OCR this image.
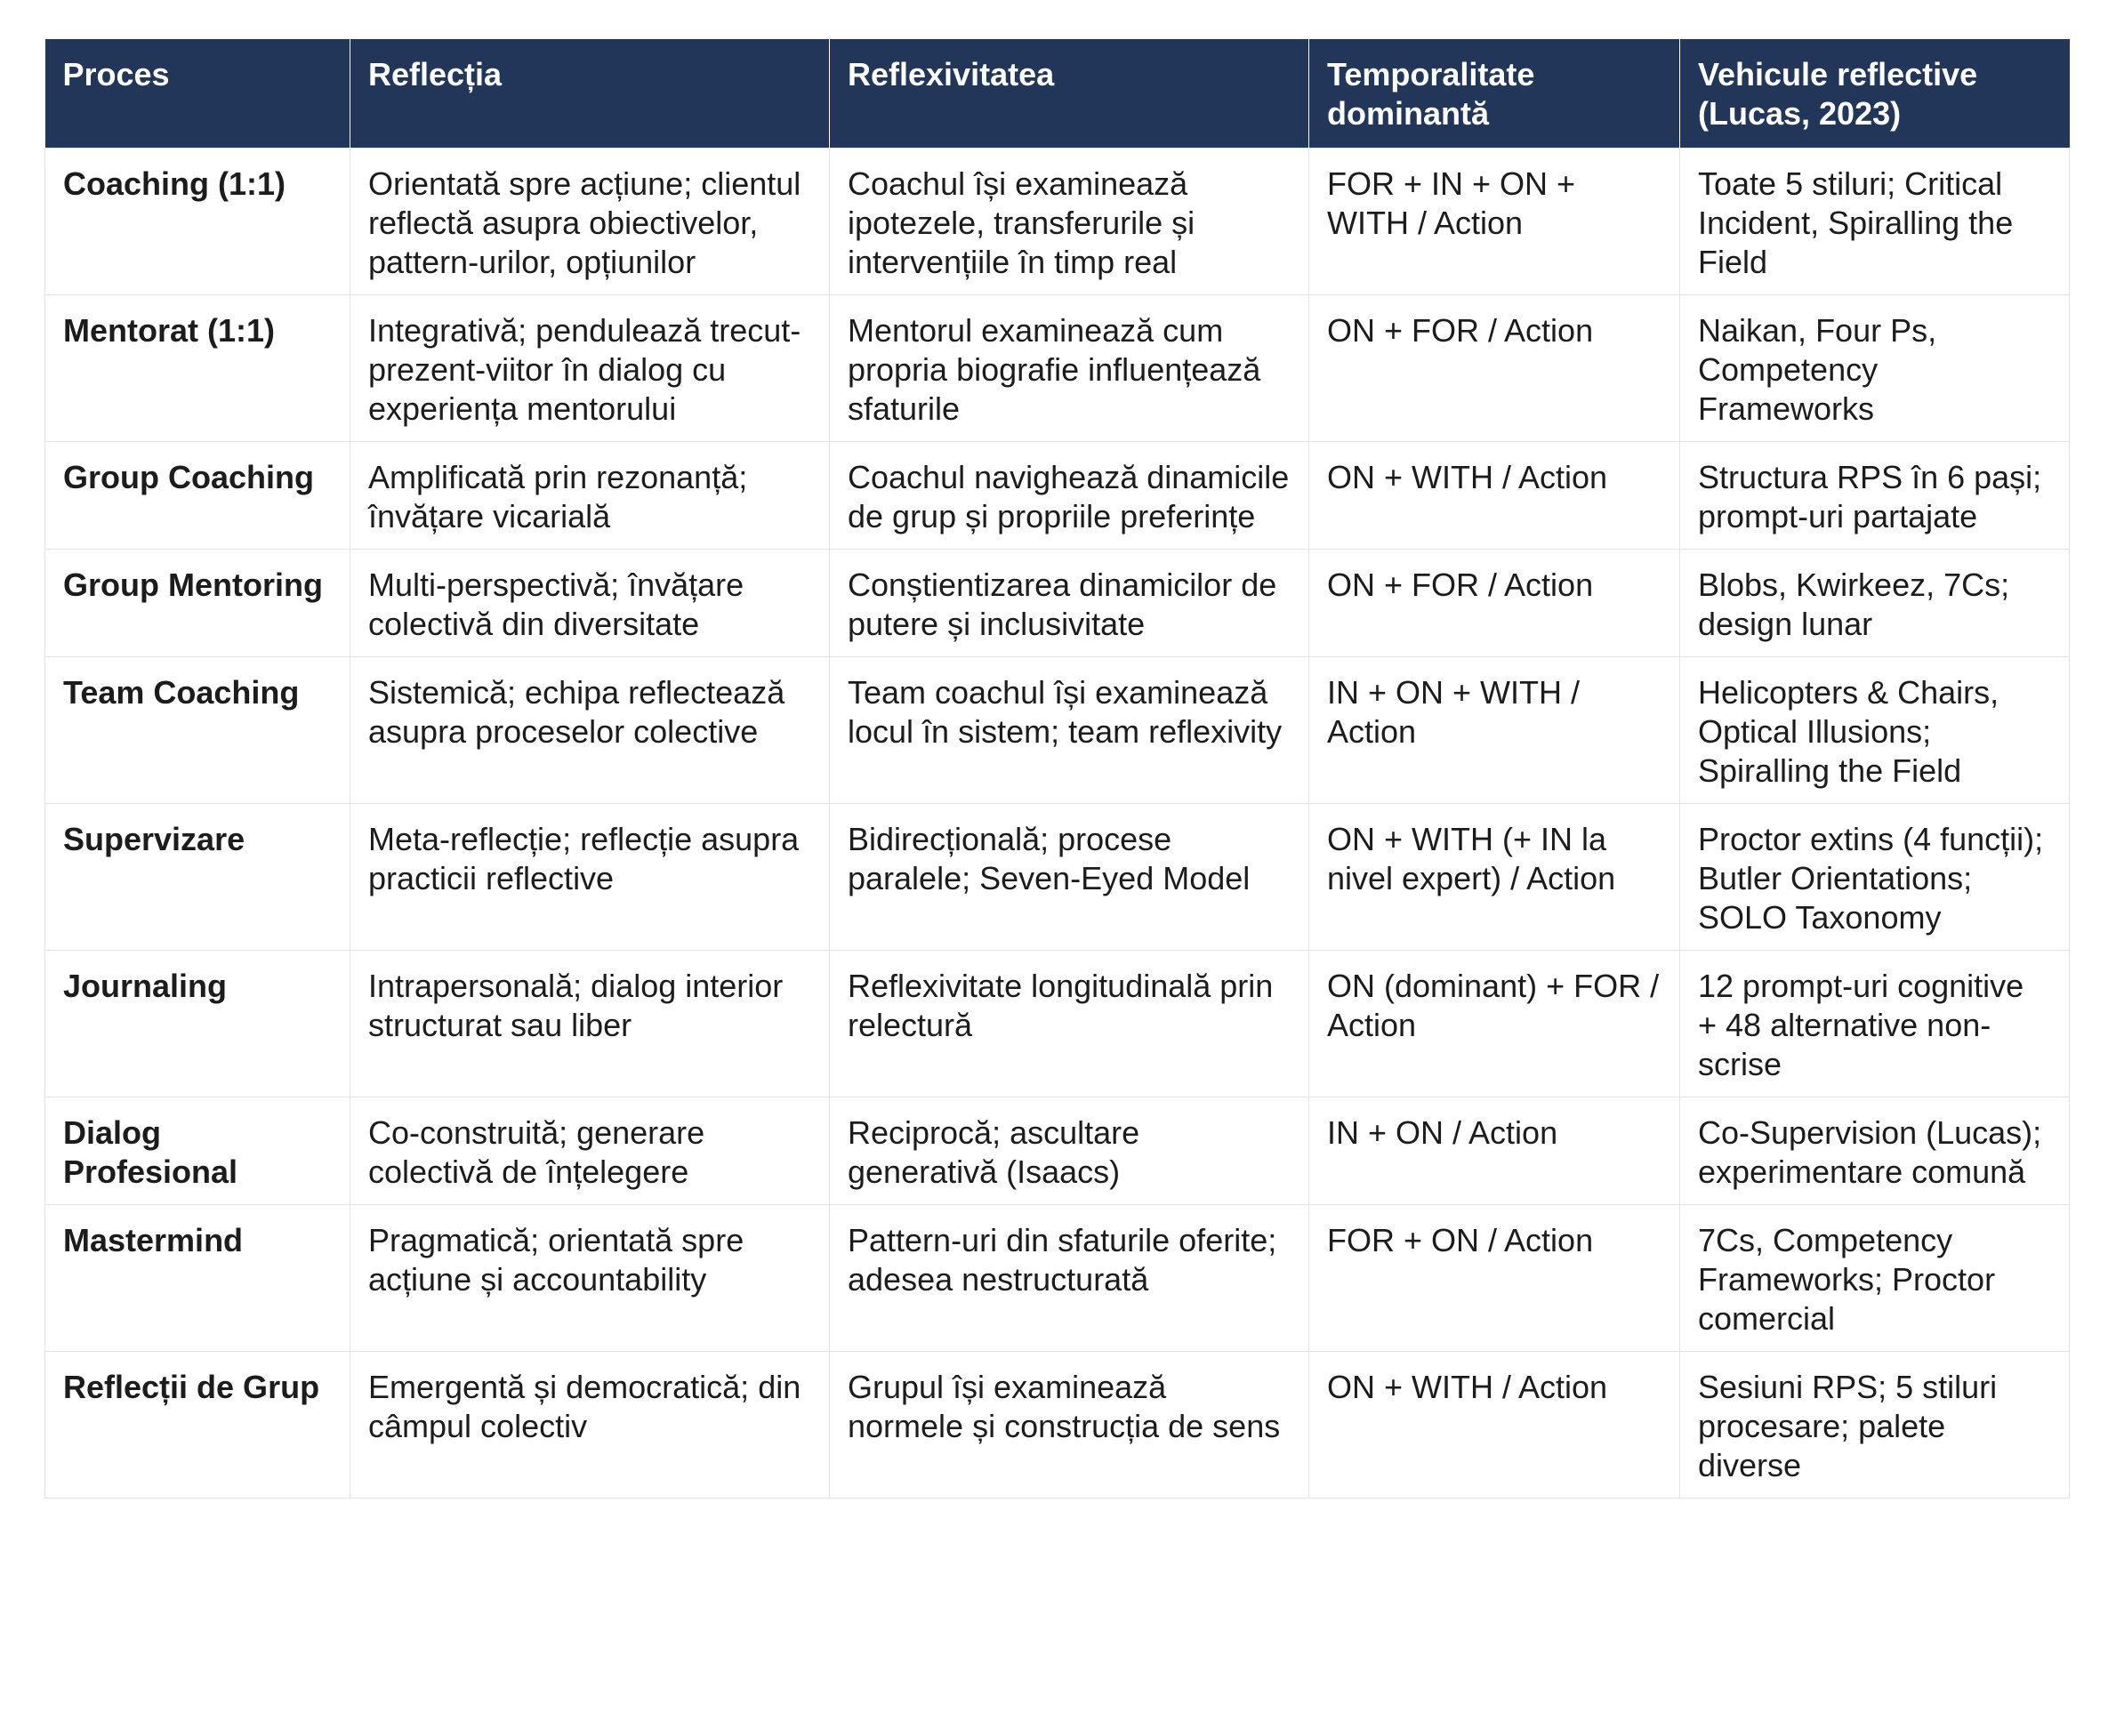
Proces	Reflecția	Reflexivitatea	Temporalitate dominantă	Vehicule reflective (Lucas, 2023)
Coaching (1:1)	Orientată spre acțiune; clientul reflectă asupra obiectivelor, pattern-urilor, opțiunilor	Coachul își examinează ipotezele, transferurile și intervențiile în timp real	FOR + IN + ON + WITH / Action	Toate 5 stiluri; Critical Incident, Spiralling the Field
Mentorat (1:1)	Integrativă; pendulează trecut-prezent-viitor în dialog cu experiența mentorului	Mentorul examinează cum propria biografie influențează sfaturile	ON + FOR / Action	Naikan, Four Ps, Competency Frameworks
Group Coaching	Amplificată prin rezonanță; învățare vicarială	Coachul navighează dinamicile de grup și propriile preferințe	ON + WITH / Action	Structura RPS în 6 pași; prompt-uri partajate
Group Mentoring	Multi-perspectivă; învățare colectivă din diversitate	Conștientizarea dinamicilor de putere și inclusivitate	ON + FOR / Action	Blobs, Kwirkeez, 7Cs; design lunar
Team Coaching	Sistemică; echipa reflectează asupra proceselor colective	Team coachul își examinează locul în sistem; team reflexivity	IN + ON + WITH / Action	Helicopters & Chairs, Optical Illusions; Spiralling the Field
Supervizare	Meta-reflecție; reflecție asupra practicii reflective	Bidirecțională; procese paralele; Seven-Eyed Model	ON + WITH (+ IN la nivel expert) / Action	Proctor extins (4 funcții); Butler Orientations; SOLO Taxonomy
Journaling	Intrapersonală; dialog interior structurat sau liber	Reflexivitate longitudinală prin relectură	ON (dominant) + FOR / Action	12 prompt-uri cognitive + 48 alternative non-scrise
Dialog Profesional	Co-construită; generare colectivă de înțelegere	Reciprocă; ascultare generativă (Isaacs)	IN + ON / Action	Co-Supervision (Lucas); experimentare comună
Mastermind	Pragmatică; orientată spre acțiune și accountability	Pattern-uri din sfaturile oferite; adesea nestructurată	FOR + ON / Action	7Cs, Competency Frameworks; Proctor comercial
Reflecții de Grup	Emergentă și democratică; din câmpul colectiv	Grupul își examinează normele și construcția de sens	ON + WITH / Action	Sesiuni RPS; 5 stiluri procesare; palete diverse
